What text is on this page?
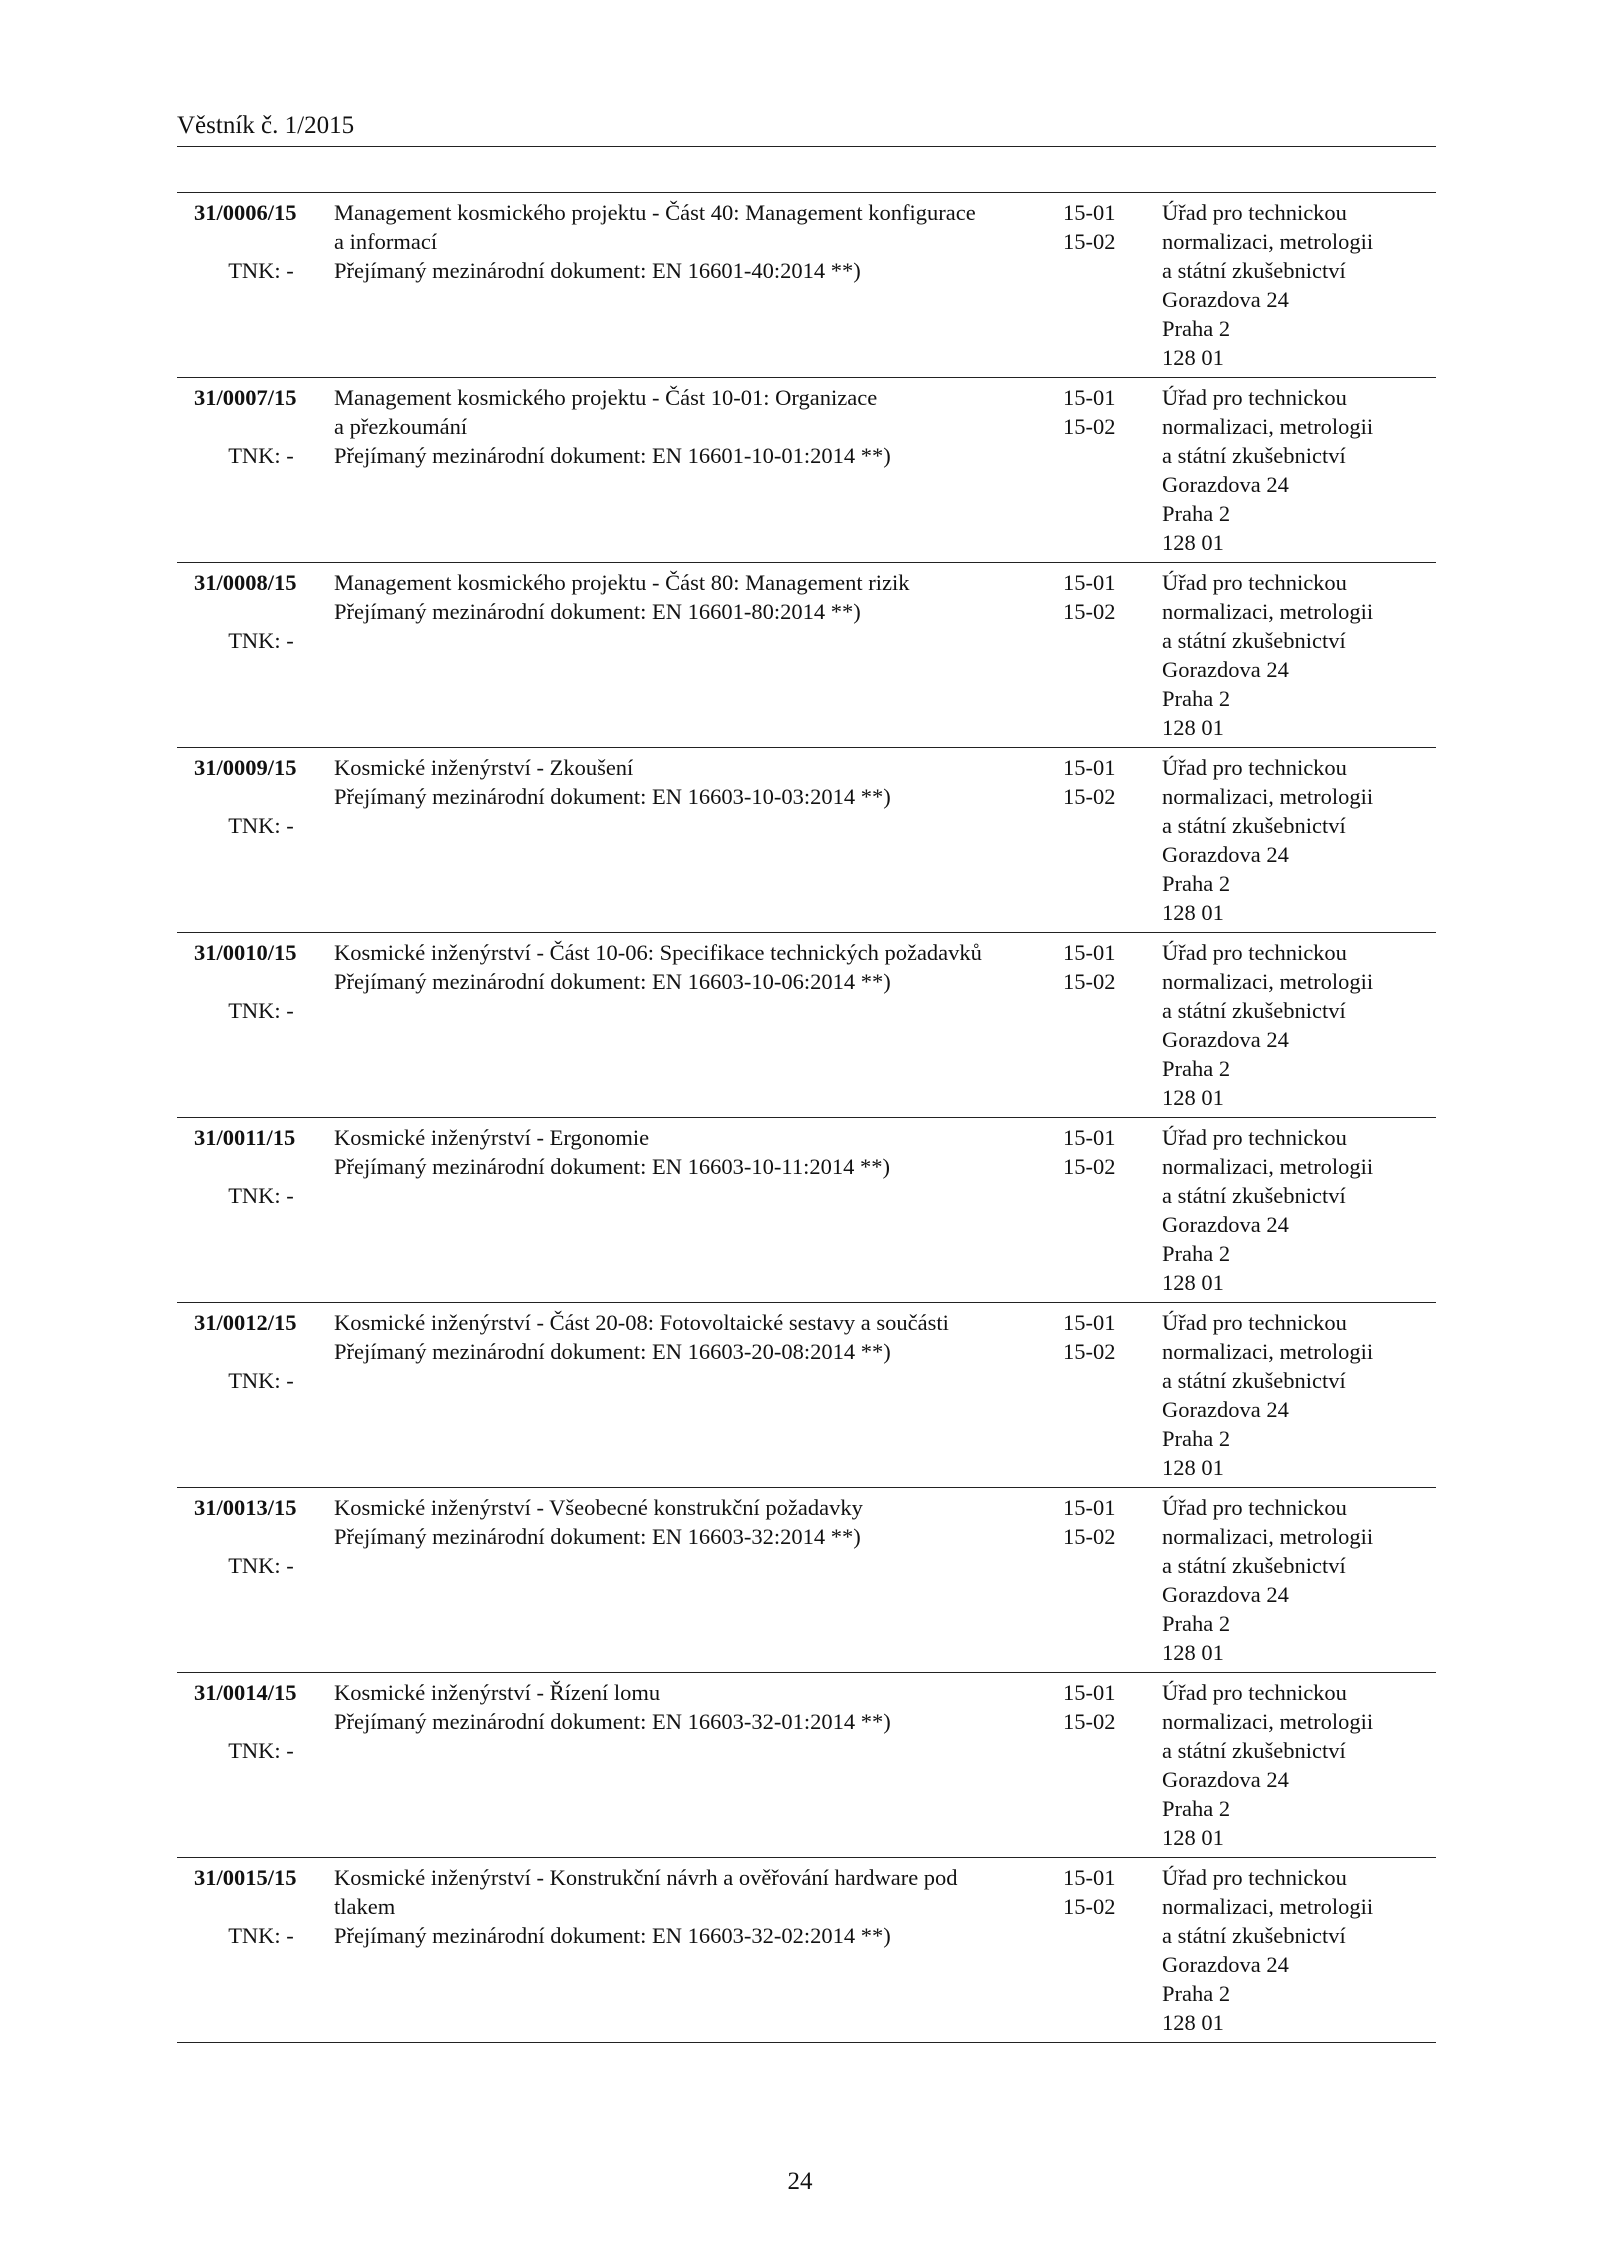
Věstník č. 1/2015
31/0006/15
TNK: -
Management kosmického projektu - Část 40: Management konfigurace
a informací
Přejímaný mezinárodní dokument: EN 16601-40:2014 **)
15-01
15-02
Úřad pro technickou
normalizaci, metrologii
a státní zkušebnictví
Gorazdova 24
Praha 2
128 01
31/0007/15
TNK: -
Management kosmického projektu - Část 10-01: Organizace
a přezkoumání
Přejímaný mezinárodní dokument: EN 16601-10-01:2014 **)
15-01
15-02
Úřad pro technickou
normalizaci, metrologii
a státní zkušebnictví
Gorazdova 24
Praha 2
128 01
31/0008/15
TNK: -
Management kosmického projektu - Část 80: Management rizik
Přejímaný mezinárodní dokument: EN 16601-80:2014 **)
15-01
15-02
Úřad pro technickou
normalizaci, metrologii
a státní zkušebnictví
Gorazdova 24
Praha 2
128 01
31/0009/15
TNK: -
Kosmické inženýrství - Zkoušení
Přejímaný mezinárodní dokument: EN 16603-10-03:2014 **)
15-01
15-02
Úřad pro technickou
normalizaci, metrologii
a státní zkušebnictví
Gorazdova 24
Praha 2
128 01
31/0010/15
TNK: -
Kosmické inženýrství - Část 10-06: Specifikace technických požadavků
Přejímaný mezinárodní dokument: EN 16603-10-06:2014 **)
15-01
15-02
Úřad pro technickou
normalizaci, metrologii
a státní zkušebnictví
Gorazdova 24
Praha 2
128 01
31/0011/15
TNK: -
Kosmické inženýrství - Ergonomie
Přejímaný mezinárodní dokument: EN 16603-10-11:2014 **)
15-01
15-02
Úřad pro technickou
normalizaci, metrologii
a státní zkušebnictví
Gorazdova 24
Praha 2
128 01
31/0012/15
TNK: -
Kosmické inženýrství - Část 20-08: Fotovoltaické sestavy a součásti
Přejímaný mezinárodní dokument: EN 16603-20-08:2014 **)
15-01
15-02
Úřad pro technickou
normalizaci, metrologii
a státní zkušebnictví
Gorazdova 24
Praha 2
128 01
31/0013/15
TNK: -
Kosmické inženýrství - Všeobecné konstrukční požadavky
Přejímaný mezinárodní dokument: EN 16603-32:2014 **)
15-01
15-02
Úřad pro technickou
normalizaci, metrologii
a státní zkušebnictví
Gorazdova 24
Praha 2
128 01
31/0014/15
TNK: -
Kosmické inženýrství - Řízení lomu
Přejímaný mezinárodní dokument: EN 16603-32-01:2014 **)
15-01
15-02
Úřad pro technickou
normalizaci, metrologii
a státní zkušebnictví
Gorazdova 24
Praha 2
128 01
31/0015/15
TNK: -
Kosmické inženýrství - Konstrukční návrh a ověřování hardware pod
tlakem
Přejímaný mezinárodní dokument: EN 16603-32-02:2014 **)
15-01
15-02
Úřad pro technickou
normalizaci, metrologii
a státní zkušebnictví
Gorazdova 24
Praha 2
128 01
24
